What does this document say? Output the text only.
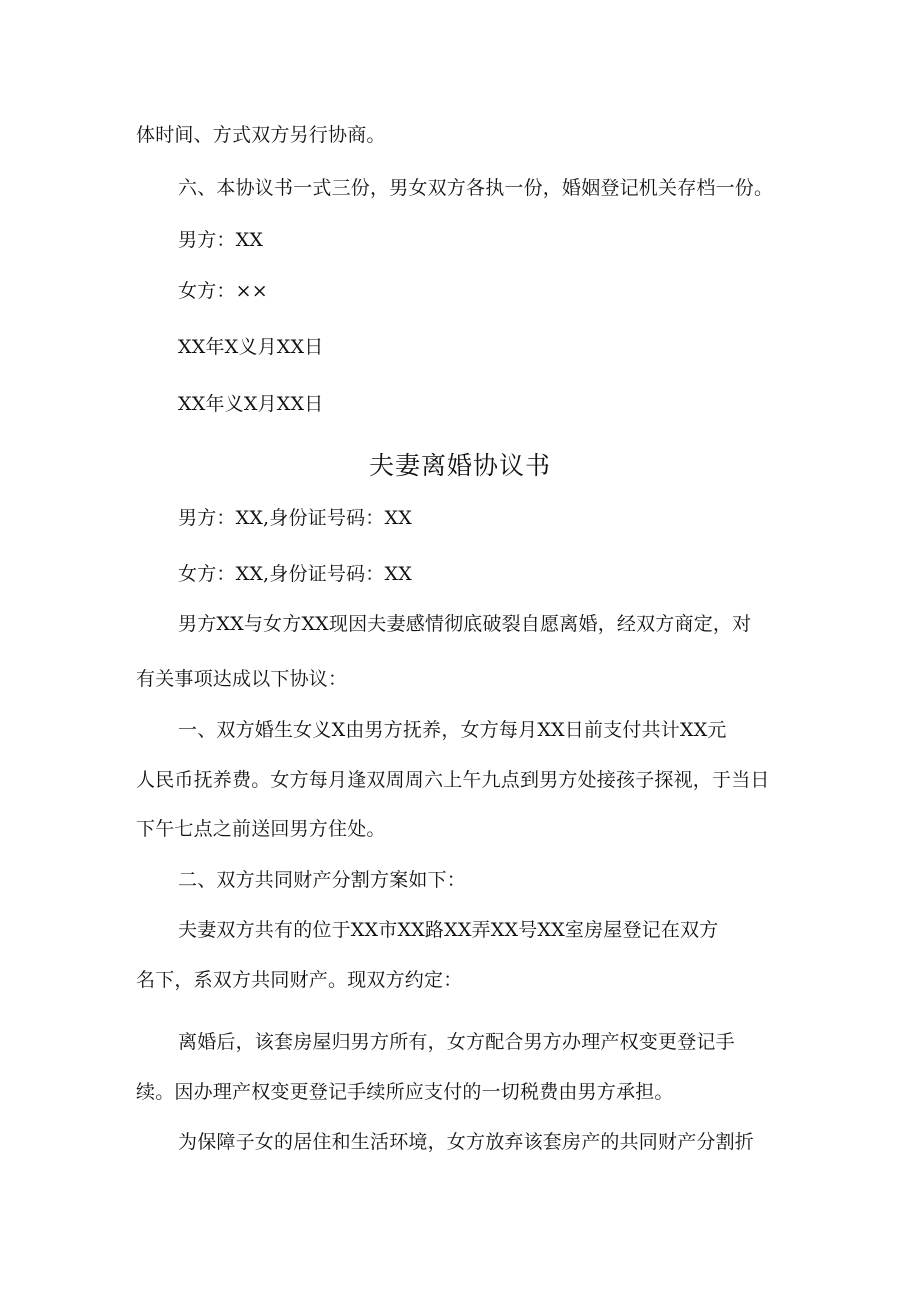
体时间、方式双方另行协商。
六、本协议书一式三份，男女双方各执一份，婚姻登记机关存档一份。
男方：XX
女方：××
XX年X义月XX日
XX年义X月XX日
夫妻离婚协议书
男方：XX,身份证号码：XX
女方：XX,身份证号码：XX
男方XX与女方XX现因夫妻感情彻底破裂自愿离婚，经双方商定，对
有关事项达成以下协议：
一、双方婚生女义X由男方抚养，女方每月XX日前支付共计XX元
人民币抚养费。女方每月逢双周周六上午九点到男方处接孩子探视，于当日
下午七点之前送回男方住处。
二、双方共同财产分割方案如下：
夫妻双方共有的位于XX市XX路XX弄XX号XX室房屋登记在双方
名下，系双方共同财产。现双方约定：
离婚后，该套房屋归男方所有，女方配合男方办理产权变更登记手
续。因办理产权变更登记手续所应支付的一切税费由男方承担。
为保障子女的居住和生活环境，女方放弃该套房产的共同财产分割折
